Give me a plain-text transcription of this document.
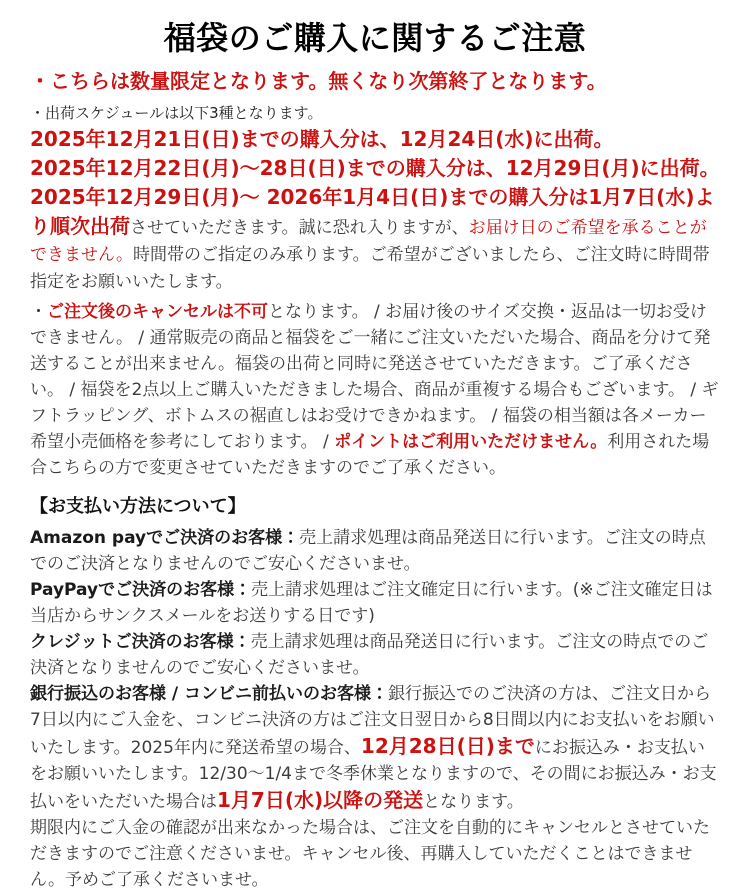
福袋のご購入に関するご注意

・こちらは数量限定となります。無くなり次第終了となります。

・出荷スケジュールは以下3種となります。

2025年12月21日(日)までの購入分は、12月24日(水)に出荷。
2025年12月22日(月)～28日(日)までの購入分は、12月29日(月)に出荷。
2025年12月29日(月)～ 2026年1月4日(日)までの購入分は1月7日(水)より順次出荷させていただきます。誠に恐れ入りますが、お届け日のご希望を承ることができません。時間帯のご指定のみ承ります。ご希望がございましたら、ご注文時に時間帯指定をお願いいたします。

・ご注文後のキャンセルは不可となります。 / お届け後のサイズ交換・返品は一切お受けできません。 / 通常販売の商品と福袋をご一緒にご注文いただいた場合、商品を分けて発送することが出来ません。福袋の出荷と同時に発送させていただきます。ご了承ください。 / 福袋を2点以上ご購入いただきました場合、商品が重複する場合もございます。 / ギフトラッピング、ボトムスの裾直しはお受けできかねます。 / 福袋の相当額は各メーカー希望小売価格を参考にしております。 / ポイントはご利用いただけません。利用された場合こちらの方で変更させていただきますのでご了承ください。

【お支払い方法について】

Amazon payでご決済のお客様：売上請求処理は商品発送日に行います。ご注文の時点でのご決済となりませんのでご安心くださいませ。

PayPayでご決済のお客様：売上請求処理はご注文確定日に行います。(※ご注文確定日は当店からサンクスメールをお送りする日です)

クレジットご決済のお客様：売上請求処理は商品発送日に行います。ご注文の時点でのご決済となりませんのでご安心くださいませ。

銀行振込のお客様 / コンビニ前払いのお客様：銀行振込でのご決済の方は、ご注文日から7日以内にご入金を、コンビニ決済の方はご注文日翌日から8日間以内にお支払いをお願いいたします。2025年内に発送希望の場合、12月28日(日)までにお振込み・お支払いをお願いいたします。12/30～1/4まで冬季休業となりますので、その間にお振込み・お支払いをいただいた場合は1月7日(水)以降の発送となります。
期限内にご入金の確認が出来なかった場合は、ご注文を自動的にキャンセルとさせていただきますのでご注意くださいませ。キャンセル後、再購入していただくことはできません。予めご了承くださいませ。
